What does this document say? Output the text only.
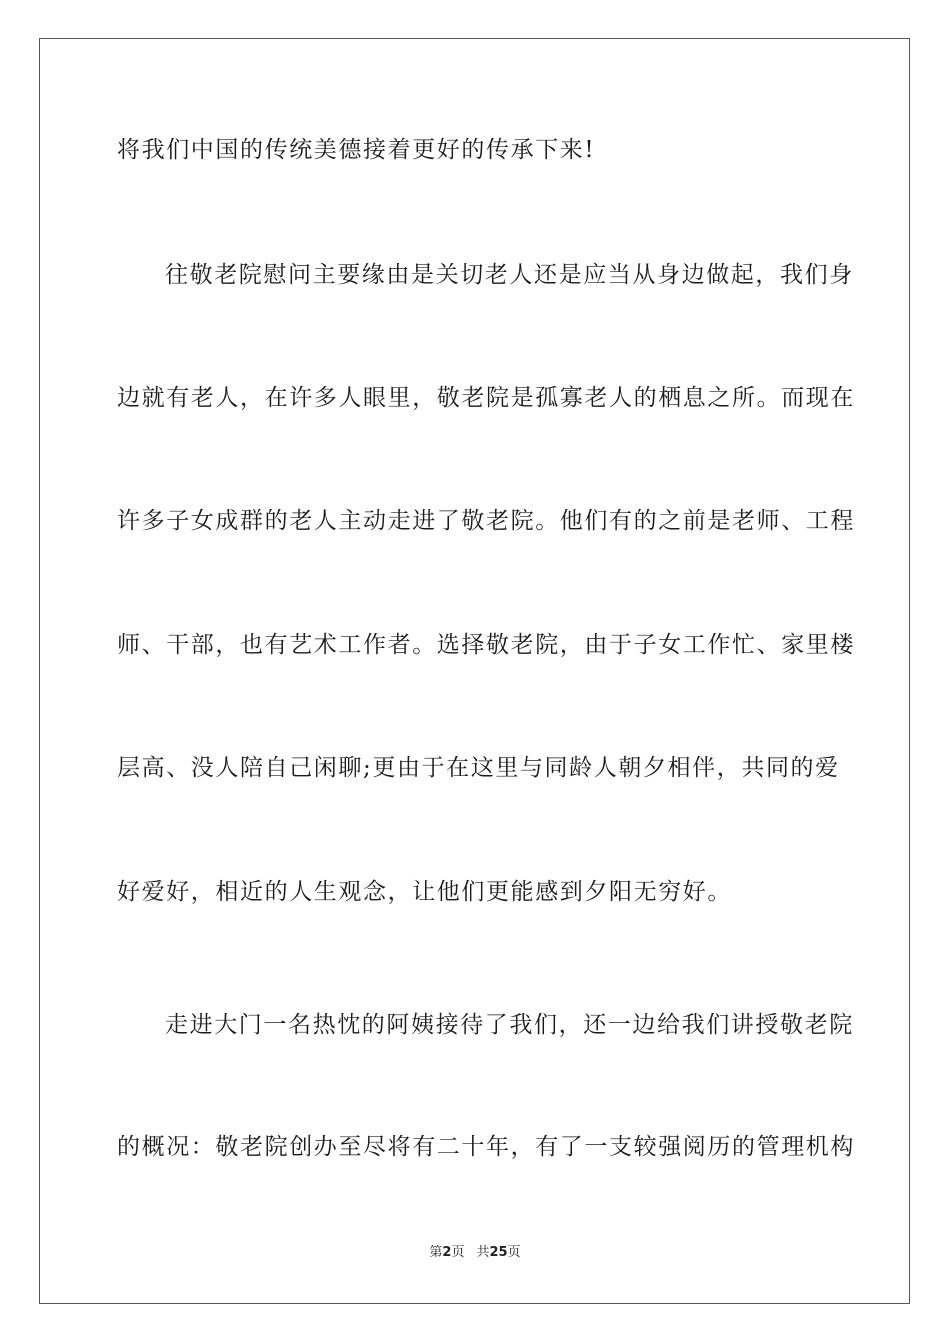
将我们中国的传统美德接着更好的传承下来!
往敬老院慰问主要缘由是关切老人还是应当从身边做起，我们身
边就有老人，在许多人眼里，敬老院是孤寡老人的栖息之所。而现在
许多子女成群的老人主动走进了敬老院。他们有的之前是老师、工程
师、干部，也有艺术工作者。选择敬老院，由于子女工作忙、家里楼
层高、没人陪自己闲聊;更由于在这里与同龄人朝夕相伴，共同的爱
好爱好，相近的人生观念，让他们更能感到夕阳无穷好。
走进大门一名热忱的阿姨接待了我们，还一边给我们讲授敬老院
的概况：敬老院创办至尽将有二十年，有了一支较强阅历的管理机构
第2页 共25页
